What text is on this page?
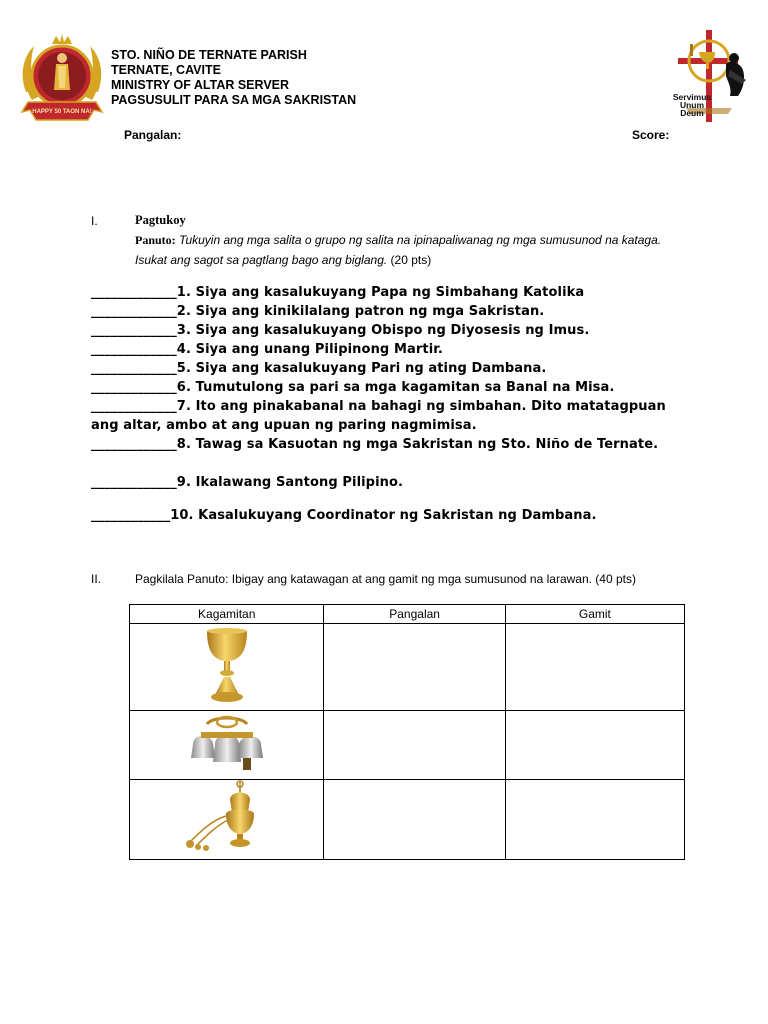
HAPPY 50 TAON NA!
STO. NIÑO DE TERNATE PARISH
TERNATE, CAVITE
MINISTRY OF ALTAR SERVER
PAGSUSULIT PARA SA MGA SAKRISTAN	Servimus
Unum
Deum
Pangalan:	Score:
I.	Pagtukoy
Panuto: Tukuyin ang mga salita o grupo ng salita na ipinapaliwanag ng mga sumusunod na kataga. Isukat ang sagot sa pagtlang bago ang biglang. (20 pts)
_____________1. Siya ang kasalukuyang Papa ng Simbahang Katolika
_____________2. Siya ang kinikilalang patron ng mga Sakristan.
_____________3. Siya ang kasalukuyang Obispo ng Diyosesis ng Imus.
_____________4. Siya ang unang Pilipinong Martir.
_____________5. Siya ang kasalukuyang Pari ng ating Dambana.
_____________6. Tumutulong sa pari sa mga kagamitan sa Banal na Misa.
_____________7. Ito ang pinakabanal na bahagi ng simbahan. Dito matatagpuan ang altar, ambo at ang upuan ng paring nagmimisa.
_____________8. Tawag sa Kasuotan ng mga Sakristan ng Sto. Niño de Ternate.
_____________9. Ikalawang Santong Pilipino.
____________10. Kasalukuyang Coordinator ng Sakristan ng Dambana.
II.	Pagkilala Panuto: Ibigay ang katawagan at ang gamit ng mga sumusunod na larawan. (40 pts)
Kagamitan	Pangalan	Gamit
